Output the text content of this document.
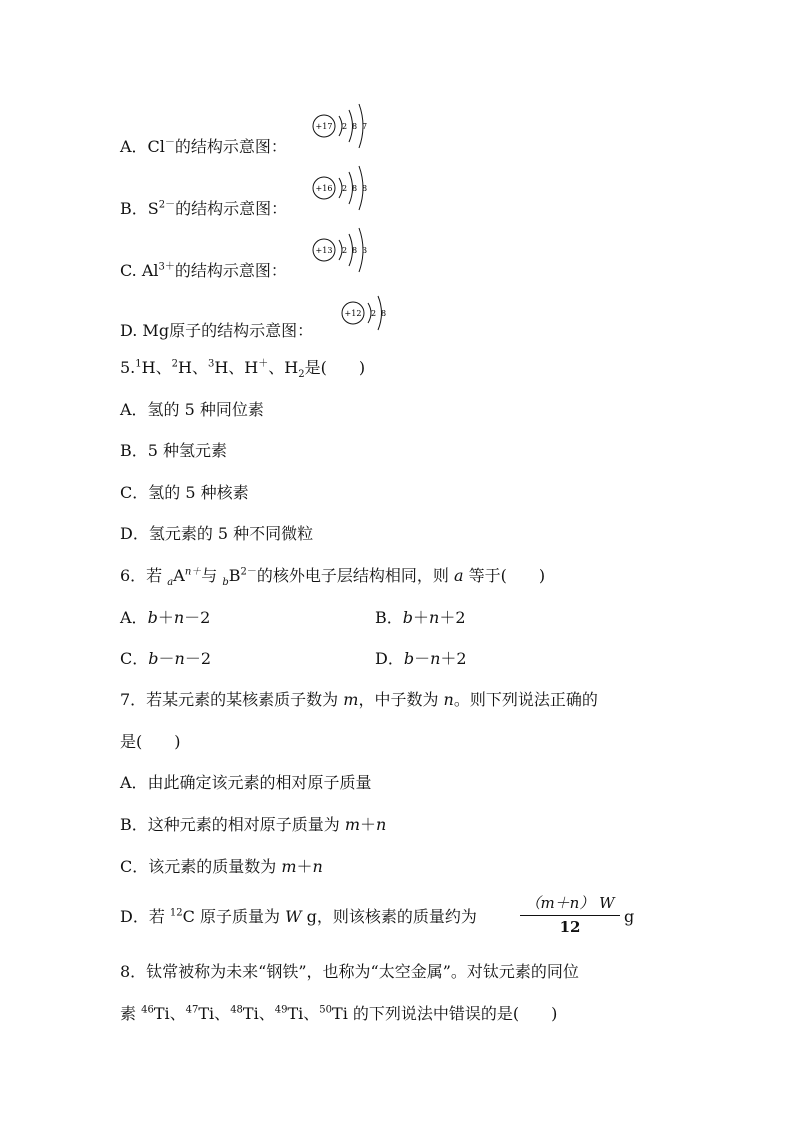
A．Cl－的结构示意图：
+17 2 8 7
B．$S^{2-}$的结构示意图：
+16 2 8 8
C. $Al^{3+}$的结构示意图：
+13 2 8 3
D. Mg原子的结构示意图：
+12 2 8
5.$^1$H、$^2$H、$^3$H、H＋、$H_2$是(　　)
A．氢的 5 种同位素
B．5 种氢元素
C．氢的 5 种核素
D．氢元素的 5 种不同微粒
6．若 $_aA^{n+}$与 $_bB^{2-}$的核外电子层结构相同，则 a 等于(　　)
A．b＋n－2	B．b＋n＋2
C．b－n－2	D．b－n＋2
7．若某元素的某核素质子数为 m，中子数为 n。则下列说法正确的
是(　　)
A．由此确定该元素的相对原子质量
B．这种元素的相对原子质量为 m＋n
C．该元素的质量数为 m＋n
D．若 $^{12}$C 原子质量为 W g，则该核素的质量约为
（m＋n） W
12
g
8．钛常被称为未来“钢铁”，也称为“太空金属”。对钛元素的同位
素 $^{46}$Ti、$^{47}$Ti、$^{48}$Ti、$^{49}$Ti、$^{50}$Ti 的下列说法中错误的是(　　)
